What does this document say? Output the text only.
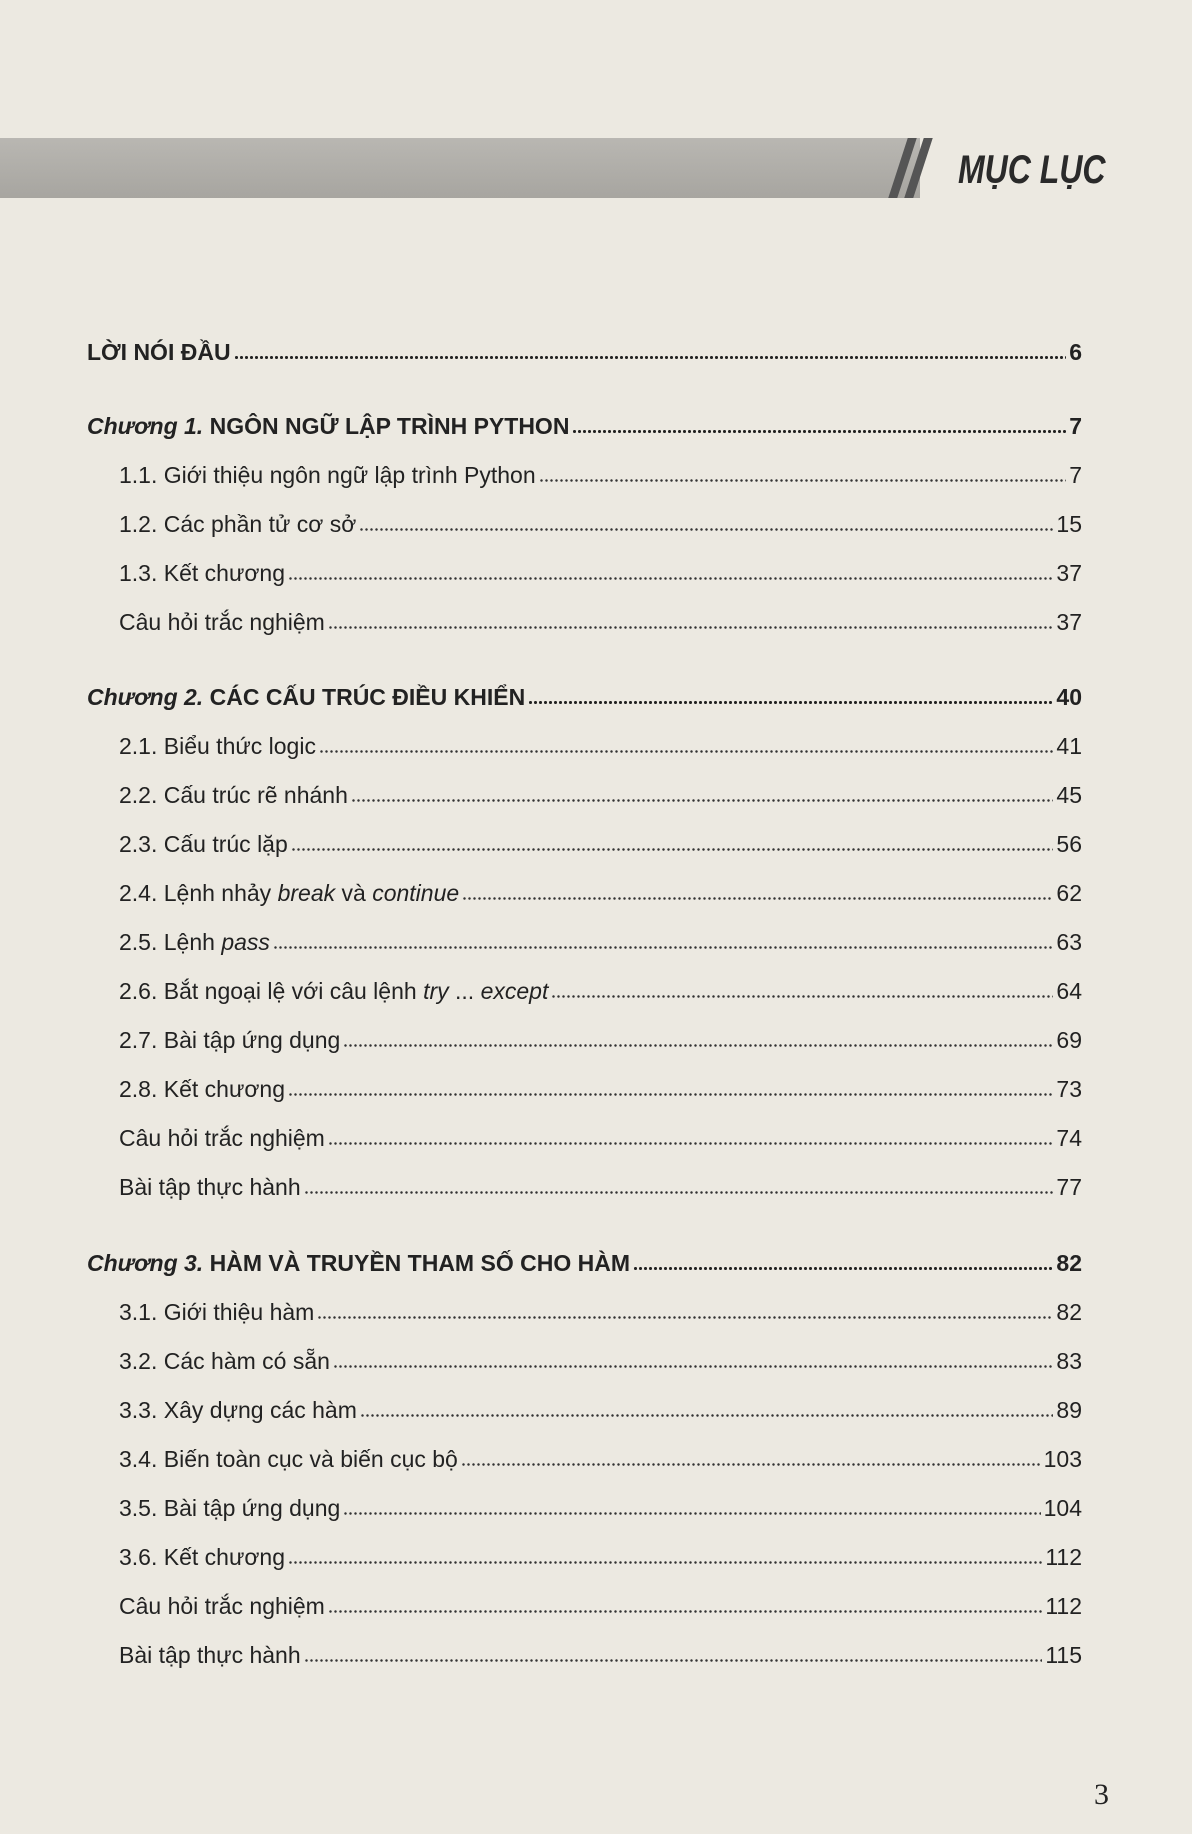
MỤC LỤC
LỜI NÓI ĐẦU	6
Chương 1. NGÔN NGỮ LẬP TRÌNH PYTHON	7
1.1. Giới thiệu ngôn ngữ lập trình Python	7
1.2. Các phần tử cơ sở	15
1.3. Kết chương	37
Câu hỏi trắc nghiệm	37
Chương 2. CÁC CẤU TRÚC ĐIỀU KHIỂN	40
2.1. Biểu thức logic	41
2.2. Cấu trúc rẽ nhánh	45
2.3. Cấu trúc lặp	56
2.4. Lệnh nhảy break và continue	62
2.5. Lệnh pass	63
2.6. Bắt ngoại lệ với câu lệnh try ... except	64
2.7. Bài tập ứng dụng	69
2.8. Kết chương	73
Câu hỏi trắc nghiệm	74
Bài tập thực hành	77
Chương 3. HÀM VÀ TRUYỀN THAM SỐ CHO HÀM	82
3.1. Giới thiệu hàm	82
3.2. Các hàm có sẵn	83
3.3. Xây dựng các hàm	89
3.4. Biến toàn cục và biến cục bộ	103
3.5. Bài tập ứng dụng	104
3.6. Kết chương	112
Câu hỏi trắc nghiệm	112
Bài tập thực hành	115
3
